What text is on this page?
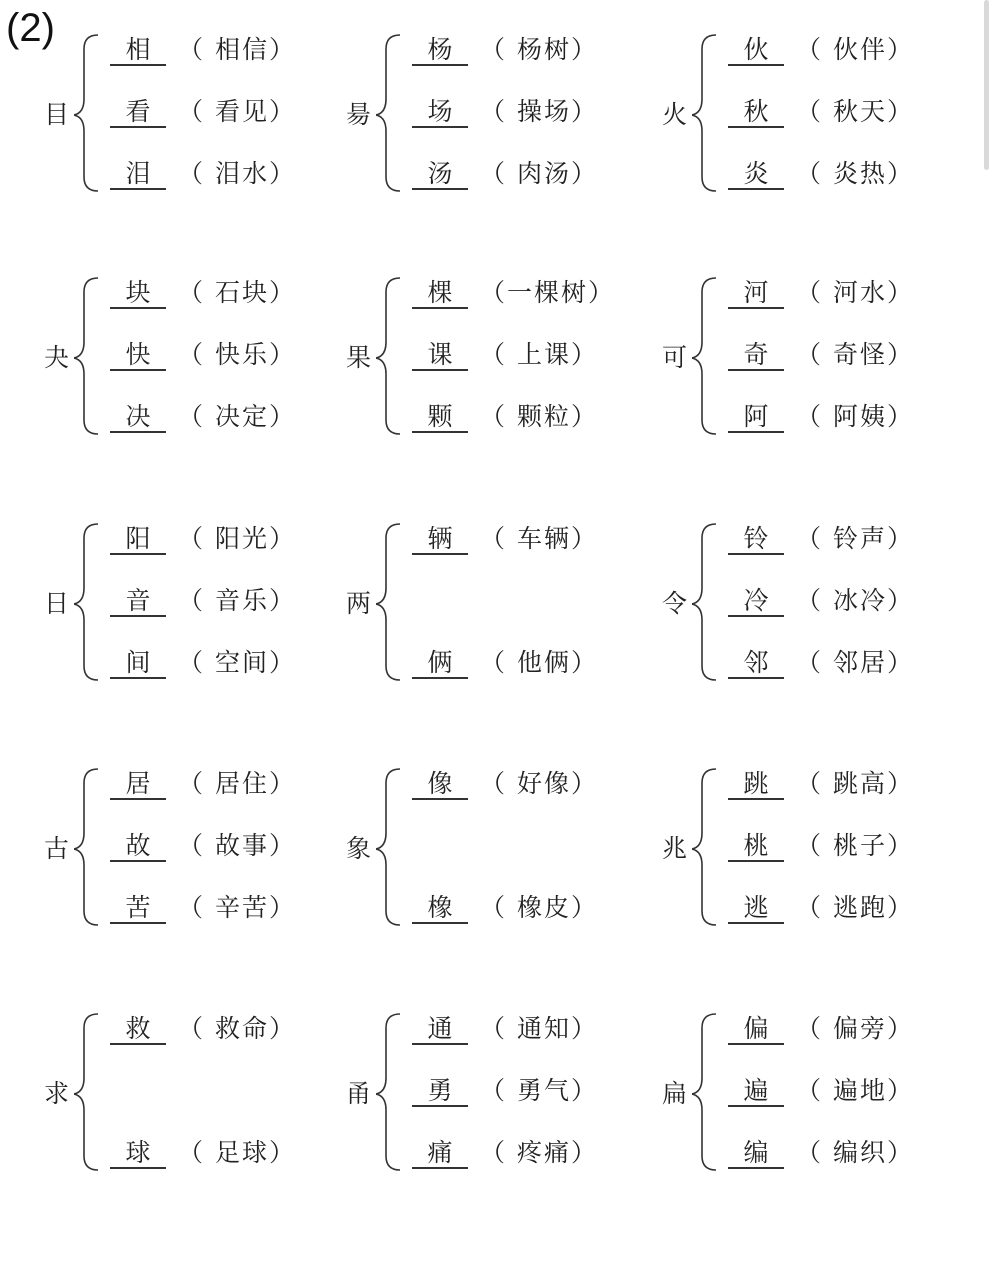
(2)
目
相 （ 相信）
看 （ 看见）
泪 （ 泪水）
昜
杨 （ 杨树）
场 （ 操场）
汤 （ 肉汤）
火
伙 （ 伙伴）
秋 （ 秋天）
炎 （ 炎热）
夬
块 （ 石块）
快 （ 快乐）
决 （ 决定）
果
棵 （一棵树）
课 （ 上课）
颗 （ 颗粒）
可
河 （ 河水）
奇 （ 奇怪）
阿 （ 阿姨）
日
阳 （ 阳光）
音 （ 音乐）
间 （ 空间）
两
辆 （ 车辆）
俩 （ 他俩）
令
铃 （ 铃声）
冷 （ 冰冷）
邻 （ 邻居）
古
居 （ 居住）
故 （ 故事）
苦 （ 辛苦）
象
像 （ 好像）
橡 （ 橡皮）
兆
跳 （ 跳高）
桃 （ 桃子）
逃 （ 逃跑）
求
救 （ 救命）
球 （ 足球）
甬
通 （ 通知）
勇 （ 勇气）
痛 （ 疼痛）
扁
偏 （ 偏旁）
遍 （ 遍地）
编 （ 编织）
